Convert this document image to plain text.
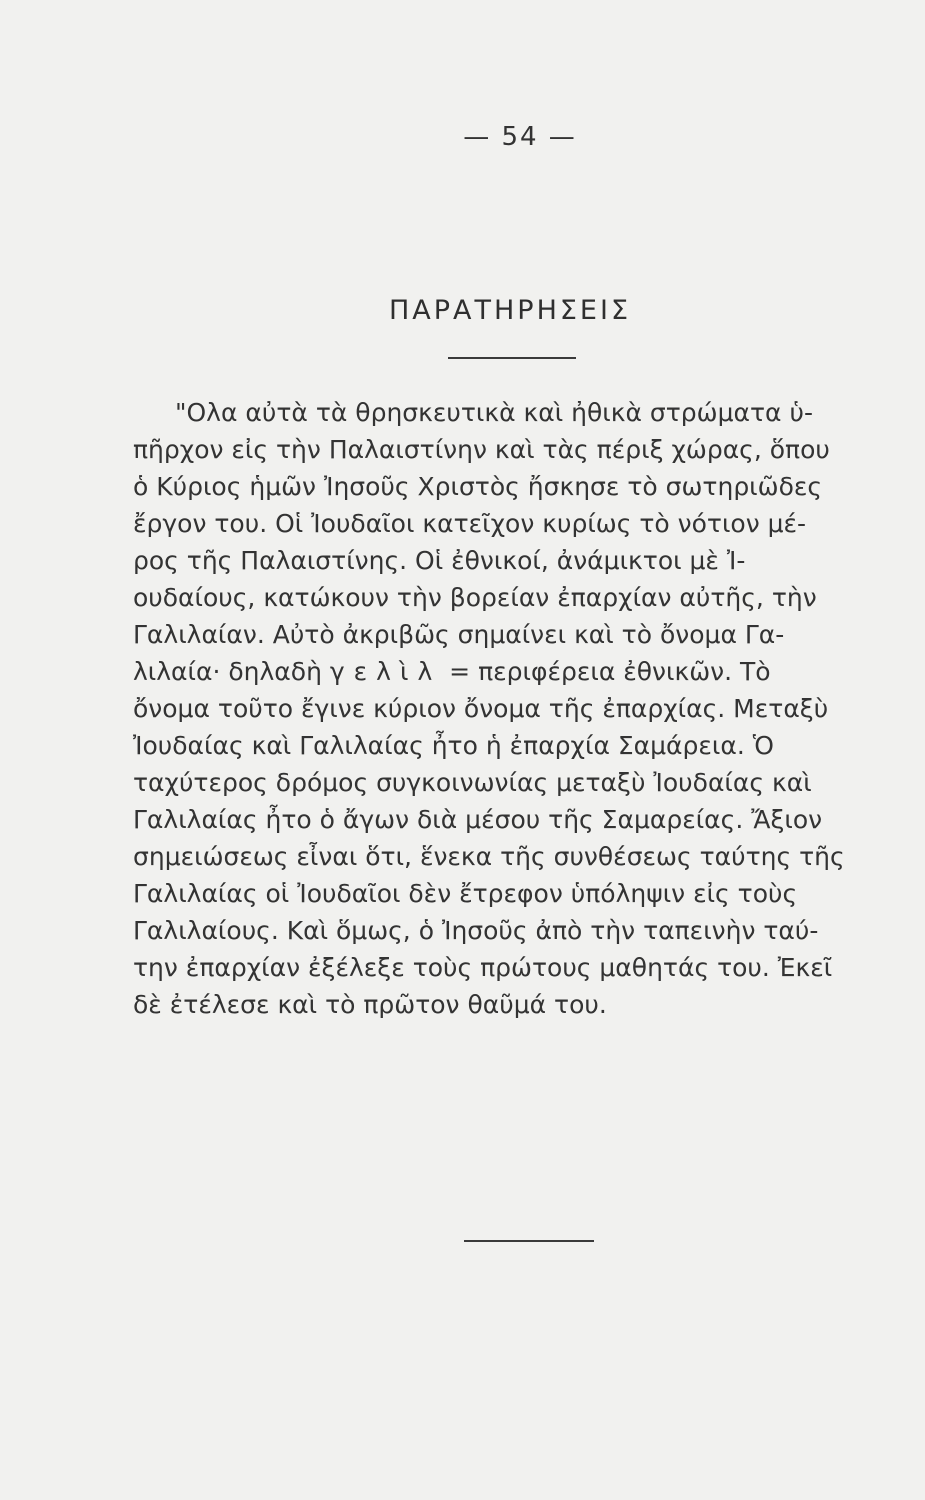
— 54 —
ΠΑΡΑΤΗΡΗΣΕΙΣ
"Ολα αὐτὰ τὰ θρησκευτικὰ καὶ ἠθικὰ στρώματα ὑ-
πῆρχον εἰς τὴν Παλαιστίνην καὶ τὰς πέριξ χώρας, ὅπου
ὁ Κύριος ἡμῶν Ἰησοῦς Χριστὸς ἤσκησε τὸ σωτηριῶδες
ἔργον του. Οἱ Ἰουδαῖοι κατεῖχον κυρίως τὸ νότιον μέ-
ρος τῆς Παλαιστίνης. Οἱ ἐθνικοί, ἀνάμικτοι μὲ Ἰ-
ουδαίους, κατώκουν τὴν βορείαν ἐπαρχίαν αὐτῆς, τὴν
Γαλιλαίαν. Αὐτὸ ἀκριβῶς σημαίνει καὶ τὸ ὄνομα Γα-
λιλαία· δηλαδὴ γελὶλ = περιφέρεια ἐθνικῶν. Τὸ
ὄνομα τοῦτο ἔγινε κύριον ὄνομα τῆς ἐπαρχίας. Μεταξὺ
Ἰουδαίας καὶ Γαλιλαίας ἦτο ἡ ἐπαρχία Σαμάρεια. Ὁ
ταχύτερος δρόμος συγκοινωνίας μεταξὺ Ἰουδαίας καὶ
Γαλιλαίας ἦτο ὁ ἄγων διὰ μέσου τῆς Σαμαρείας. Ἄξιον
σημειώσεως εἶναι ὅτι, ἕνεκα τῆς συνθέσεως ταύτης τῆς
Γαλιλαίας οἱ Ἰουδαῖοι δὲν ἔτρεφον ὑπόληψιν εἰς τοὺς
Γαλιλαίους. Καὶ ὅμως, ὁ Ἰησοῦς ἀπὸ τὴν ταπεινὴν ταύ-
την ἐπαρχίαν ἐξέλεξε τοὺς πρώτους μαθητάς του. Ἐκεῖ
δὲ ἐτέλεσε καὶ τὸ πρῶτον θαῦμά του.
